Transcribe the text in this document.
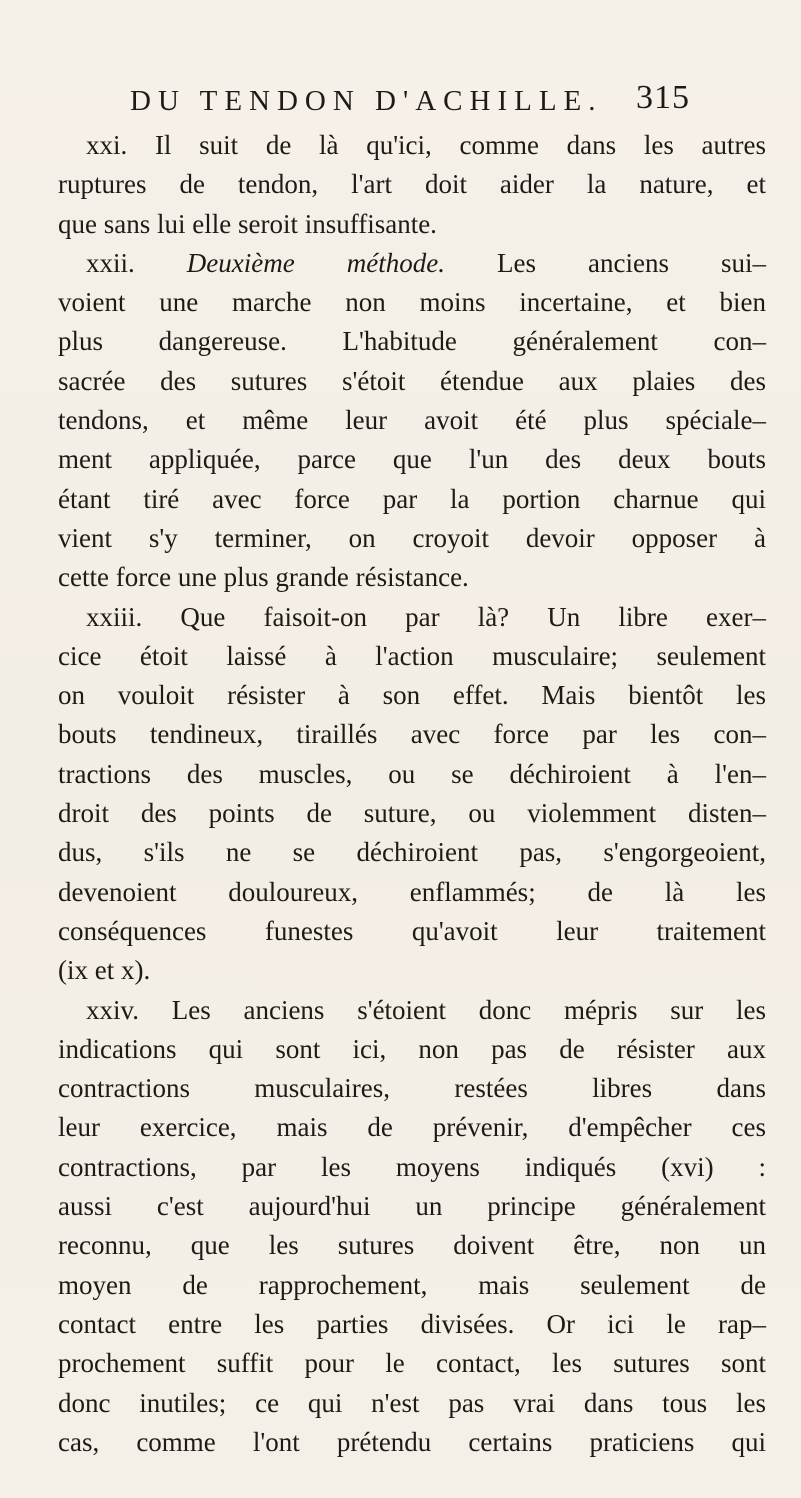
DU TENDON D'ACHILLE. 315
xxi. Il suit de là qu'ici, comme dans les autres
ruptures de tendon, l'art doit aider la nature, et
que sans lui elle seroit insuffisante.
xxii. Deuxième méthode. Les anciens sui–
voient une marche non moins incertaine, et bien
plus dangereuse. L'habitude généralement con–
sacrée des sutures s'étoit étendue aux plaies des
tendons, et même leur avoit été plus spéciale–
ment appliquée, parce que l'un des deux bouts
étant tiré avec force par la portion charnue qui
vient s'y terminer, on croyoit devoir opposer à
cette force une plus grande résistance.
xxiii. Que faisoit-on par là? Un libre exer–
cice étoit laissé à l'action musculaire; seulement
on vouloit résister à son effet. Mais bientôt les
bouts tendineux, tiraillés avec force par les con–
tractions des muscles, ou se déchiroient à l'en–
droit des points de suture, ou violemment disten–
dus, s'ils ne se déchiroient pas, s'engorgeoient,
devenoient douloureux, enflammés; de là les
conséquences funestes qu'avoit leur traitement
(ix et x).
xxiv. Les anciens s'étoient donc mépris sur les
indications qui sont ici, non pas de résister aux
contractions musculaires, restées libres dans
leur exercice, mais de prévenir, d'empêcher ces
contractions, par les moyens indiqués (xvi) :
aussi c'est aujourd'hui un principe généralement
reconnu, que les sutures doivent être, non un
moyen de rapprochement, mais seulement de
contact entre les parties divisées. Or ici le rap–
prochement suffit pour le contact, les sutures sont
donc inutiles; ce qui n'est pas vrai dans tous les
cas, comme l'ont prétendu certains praticiens qui
